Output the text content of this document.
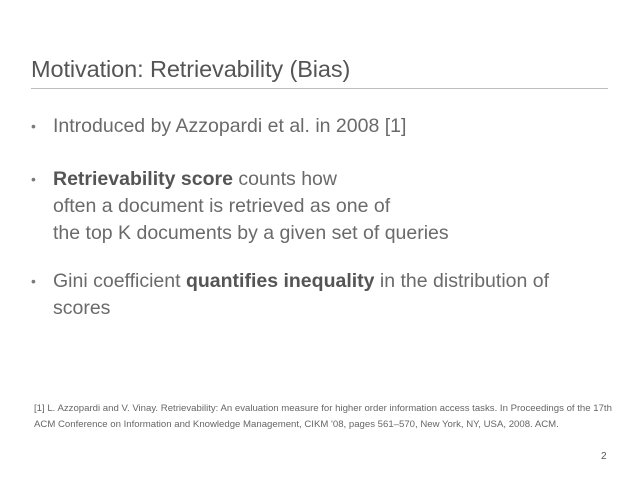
Motivation: Retrievability (Bias)
• Introduced by Azzopardi et al. in 2008 [1]
• Retrievability score counts how
often a document is retrieved as one of
the top K documents by a given set of queries
• Gini coefficient quantifies inequality in the distribution of
scores
[1] L. Azzopardi and V. Vinay. Retrievability: An evaluation measure for higher order information access tasks. In Proceedings of the 17th
ACM Conference on Information and Knowledge Management, CIKM '08, pages 561–570, New York, NY, USA, 2008. ACM.
2
